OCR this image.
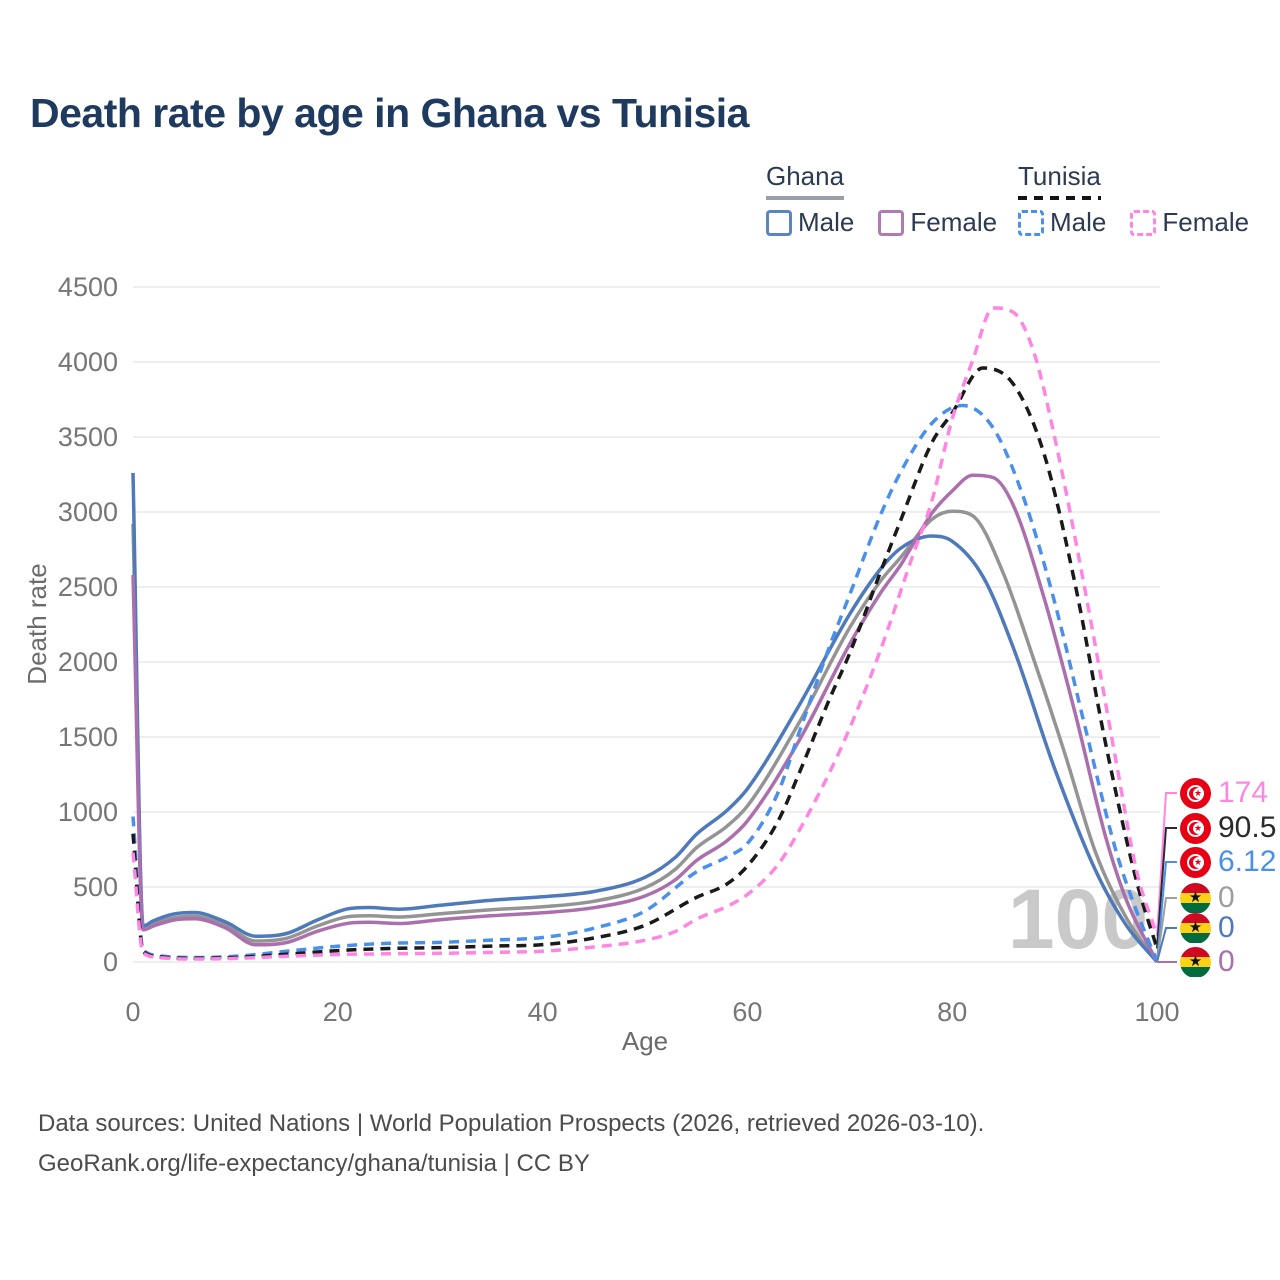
Death rate by age in Ghana vs Tunisia
Ghana
Male Female
Tunisia
Male Female
0
500
1000
1500
2000
2500
3000
3500
4000
4500
0	20	40	60	80	100
Age
Death rate
★ 174
★ 90.5
★ 6.12
★ 0
★ 0
★ 0
Data sources: United Nations | World Population Prospects (2026, retrieved 2026-03-10).
GeoRank.org/life-expectancy/ghana/tunisia | CC BY
